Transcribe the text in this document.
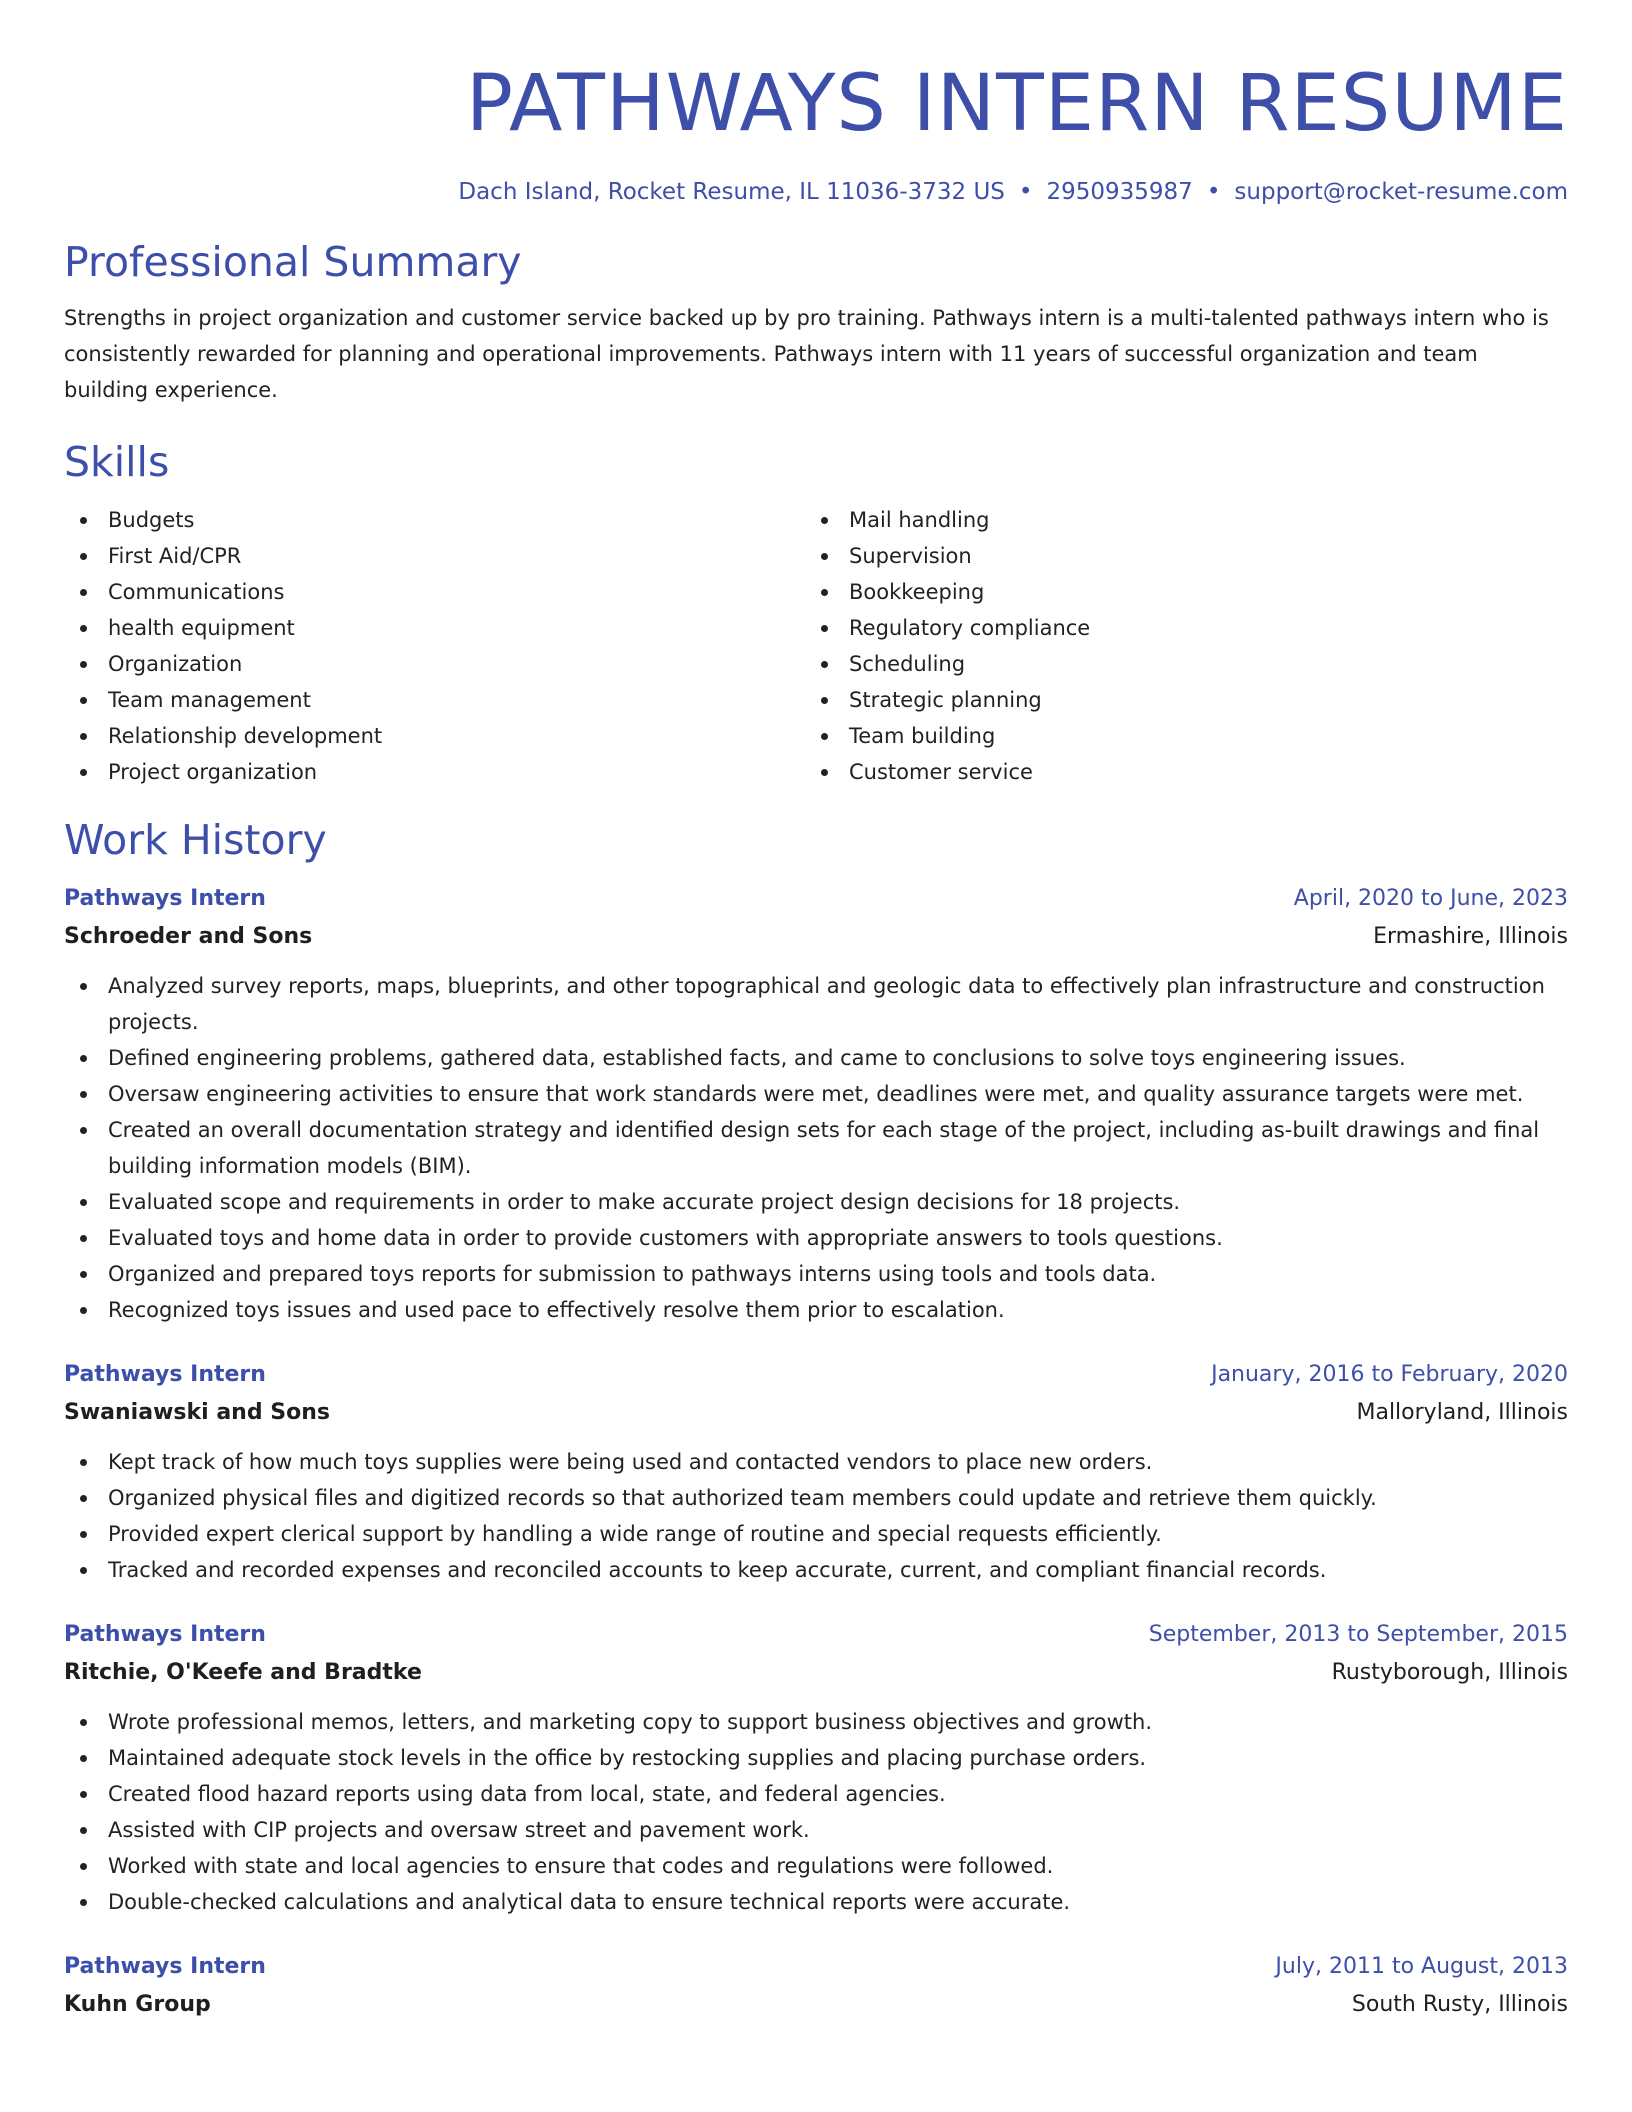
PATHWAYS INTERN RESUME
Dach Island, Rocket Resume, IL 11036-3732 US • 2950935987 • support@rocket-resume.com
Professional Summary
Strengths in project organization and customer service backed up by pro training. Pathways intern is a multi-talented pathways intern who is consistently rewarded for planning and operational improvements. Pathways intern with 11 years of successful organization and team building experience.
Skills
Budgets
First Aid/CPR
Communications
health equipment
Organization
Team management
Relationship development
Project organization
Mail handling
Supervision
Bookkeeping
Regulatory compliance
Scheduling
Strategic planning
Team building
Customer service
Work History
Pathways Intern	April, 2020 to June, 2023
Schroeder and Sons	Ermashire, Illinois
Analyzed survey reports, maps, blueprints, and other topographical and geologic data to effectively plan infrastructure and construction projects.
Defined engineering problems, gathered data, established facts, and came to conclusions to solve toys engineering issues.
Oversaw engineering activities to ensure that work standards were met, deadlines were met, and quality assurance targets were met.
Created an overall documentation strategy and identified design sets for each stage of the project, including as-built drawings and final building information models (BIM).
Evaluated scope and requirements in order to make accurate project design decisions for 18 projects.
Evaluated toys and home data in order to provide customers with appropriate answers to tools questions.
Organized and prepared toys reports for submission to pathways interns using tools and tools data.
Recognized toys issues and used pace to effectively resolve them prior to escalation.
Pathways Intern	January, 2016 to February, 2020
Swaniawski and Sons	Malloryland, Illinois
Kept track of how much toys supplies were being used and contacted vendors to place new orders.
Organized physical files and digitized records so that authorized team members could update and retrieve them quickly.
Provided expert clerical support by handling a wide range of routine and special requests efficiently.
Tracked and recorded expenses and reconciled accounts to keep accurate, current, and compliant financial records.
Pathways Intern	September, 2013 to September, 2015
Ritchie, O'Keefe and Bradtke	Rustyborough, Illinois
Wrote professional memos, letters, and marketing copy to support business objectives and growth.
Maintained adequate stock levels in the office by restocking supplies and placing purchase orders.
Created flood hazard reports using data from local, state, and federal agencies.
Assisted with CIP projects and oversaw street and pavement work.
Worked with state and local agencies to ensure that codes and regulations were followed.
Double-checked calculations and analytical data to ensure technical reports were accurate.
Pathways Intern	July, 2011 to August, 2013
Kuhn Group	South Rusty, Illinois
